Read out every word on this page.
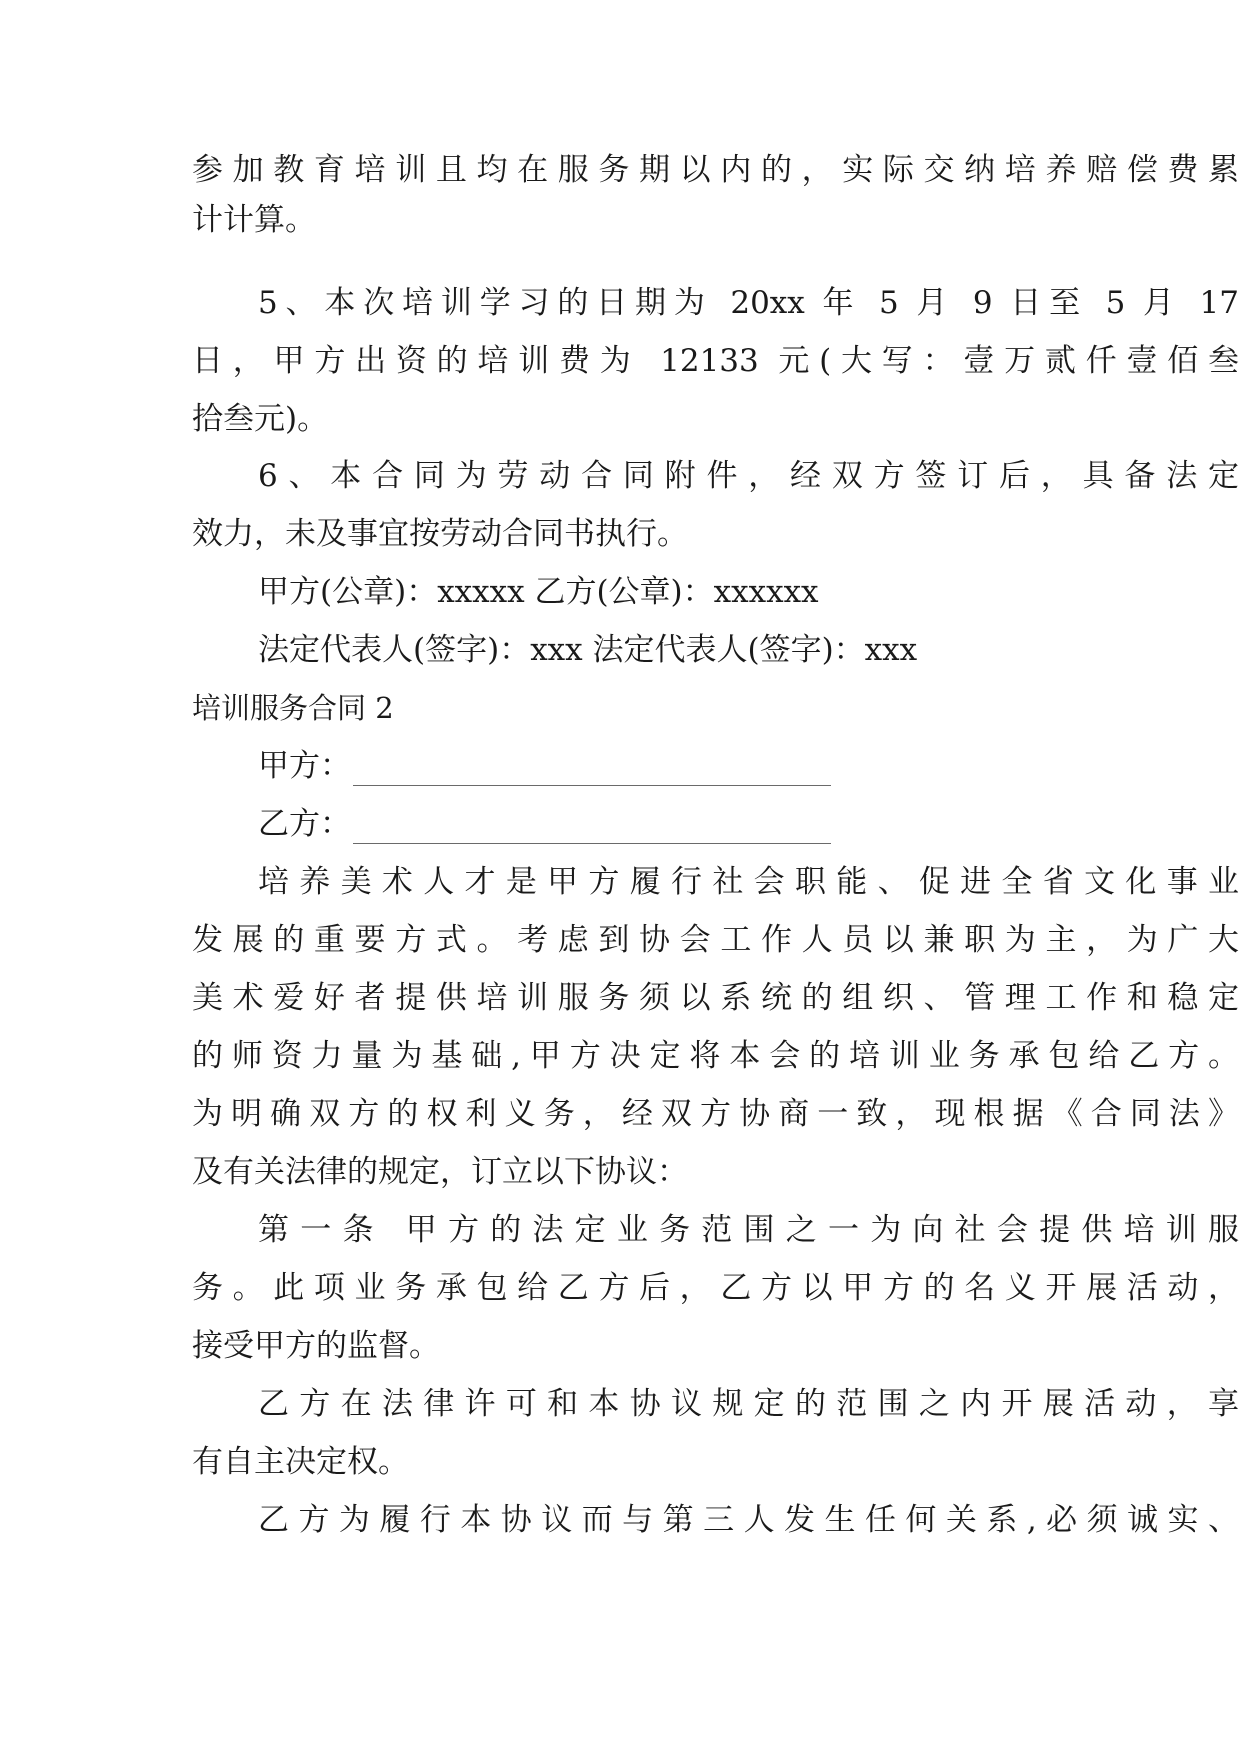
参加教育培训且均在服务期以内的，实际交纳培养赔偿费累
计计算。
5、本次培训学习的日期为 20xx 年 5 月 9 日至 5 月 17
日，甲方出资的培训费为 12133 元(大写：壹万贰仟壹佰叁
拾叁元)。
6、本合同为劳动合同附件，经双方签订后，具备法定
效力，未及事宜按劳动合同书执行。
甲方(公章)：xxxxx 乙方(公章)：xxxxxx
法定代表人(签字)：xxx 法定代表人(签字)：xxx
培训服务合同 2
甲方：
乙方：
培养美术人才是甲方履行社会职能、促进全省文化事业
发展的重要方式。考虑到协会工作人员以兼职为主，为广大
美术爱好者提供培训服务须以系统的组织、管理工作和稳定
的师资力量为基础,甲方决定将本会的培训业务承包给乙方。
为明确双方的权利义务，经双方协商一致，现根据《合同法》
及有关法律的规定，订立以下协议：
第一条 甲方的法定业务范围之一为向社会提供培训服
务。此项业务承包给乙方后，乙方以甲方的名义开展活动，
接受甲方的监督。
乙方在法律许可和本协议规定的范围之内开展活动，享
有自主决定权。
乙方为履行本协议而与第三人发生任何关系,必须诚实、
